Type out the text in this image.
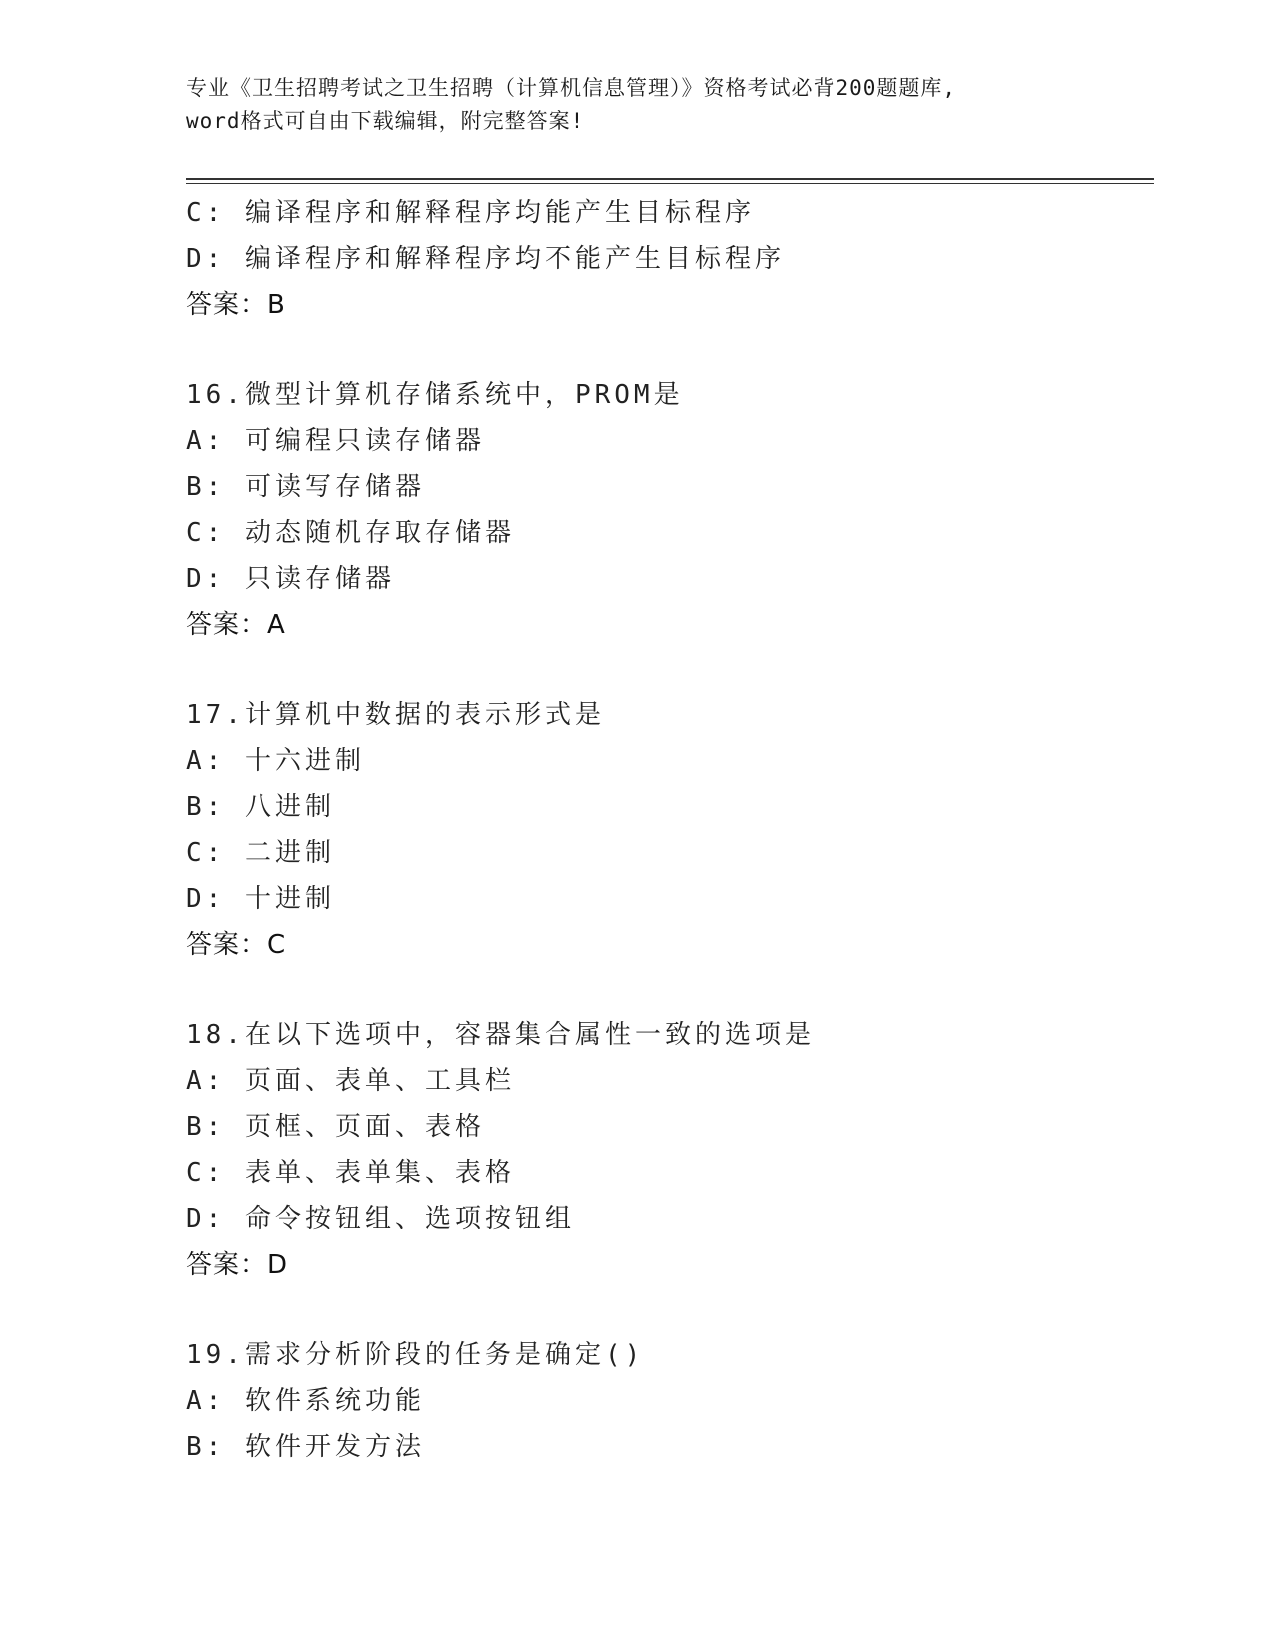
专业《卫生招聘考试之卫生招聘（计算机信息管理）》资格考试必背200题题库,
word格式可自由下载编辑，附完整答案!
C: 编译程序和解释程序均能产生目标程序
D: 编译程序和解释程序均不能产生目标程序
答案：B
16.微型计算机存储系统中，PROM是
A: 可编程只读存储器
B: 可读写存储器
C: 动态随机存取存储器
D: 只读存储器
答案：A
17.计算机中数据的表示形式是
A: 十六进制
B: 八进制
C: 二进制
D: 十进制
答案：C
18.在以下选项中，容器集合属性一致的选项是
A: 页面、表单、工具栏
B: 页框、页面、表格
C: 表单、表单集、表格
D: 命令按钮组、选项按钮组
答案：D
19.需求分析阶段的任务是确定()
A: 软件系统功能
B: 软件开发方法
